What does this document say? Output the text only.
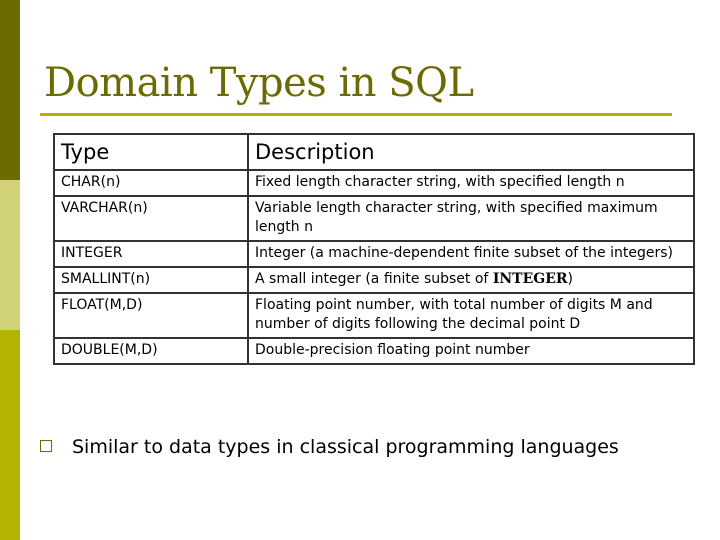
Domain Types in SQL
Type	Description
CHAR(n)	Fixed length character string, with specified length n
VARCHAR(n)	Variable length character string, with specified maximum length n
INTEGER	Integer (a machine-dependent finite subset of the integers)
SMALLINT(n)	A small integer (a finite subset of INTEGER)
FLOAT(M,D)	Floating point number, with total number of digits M and number of digits following the decimal point D
DOUBLE(M,D)	Double-precision floating point number
Similar to data types in classical programming languages
